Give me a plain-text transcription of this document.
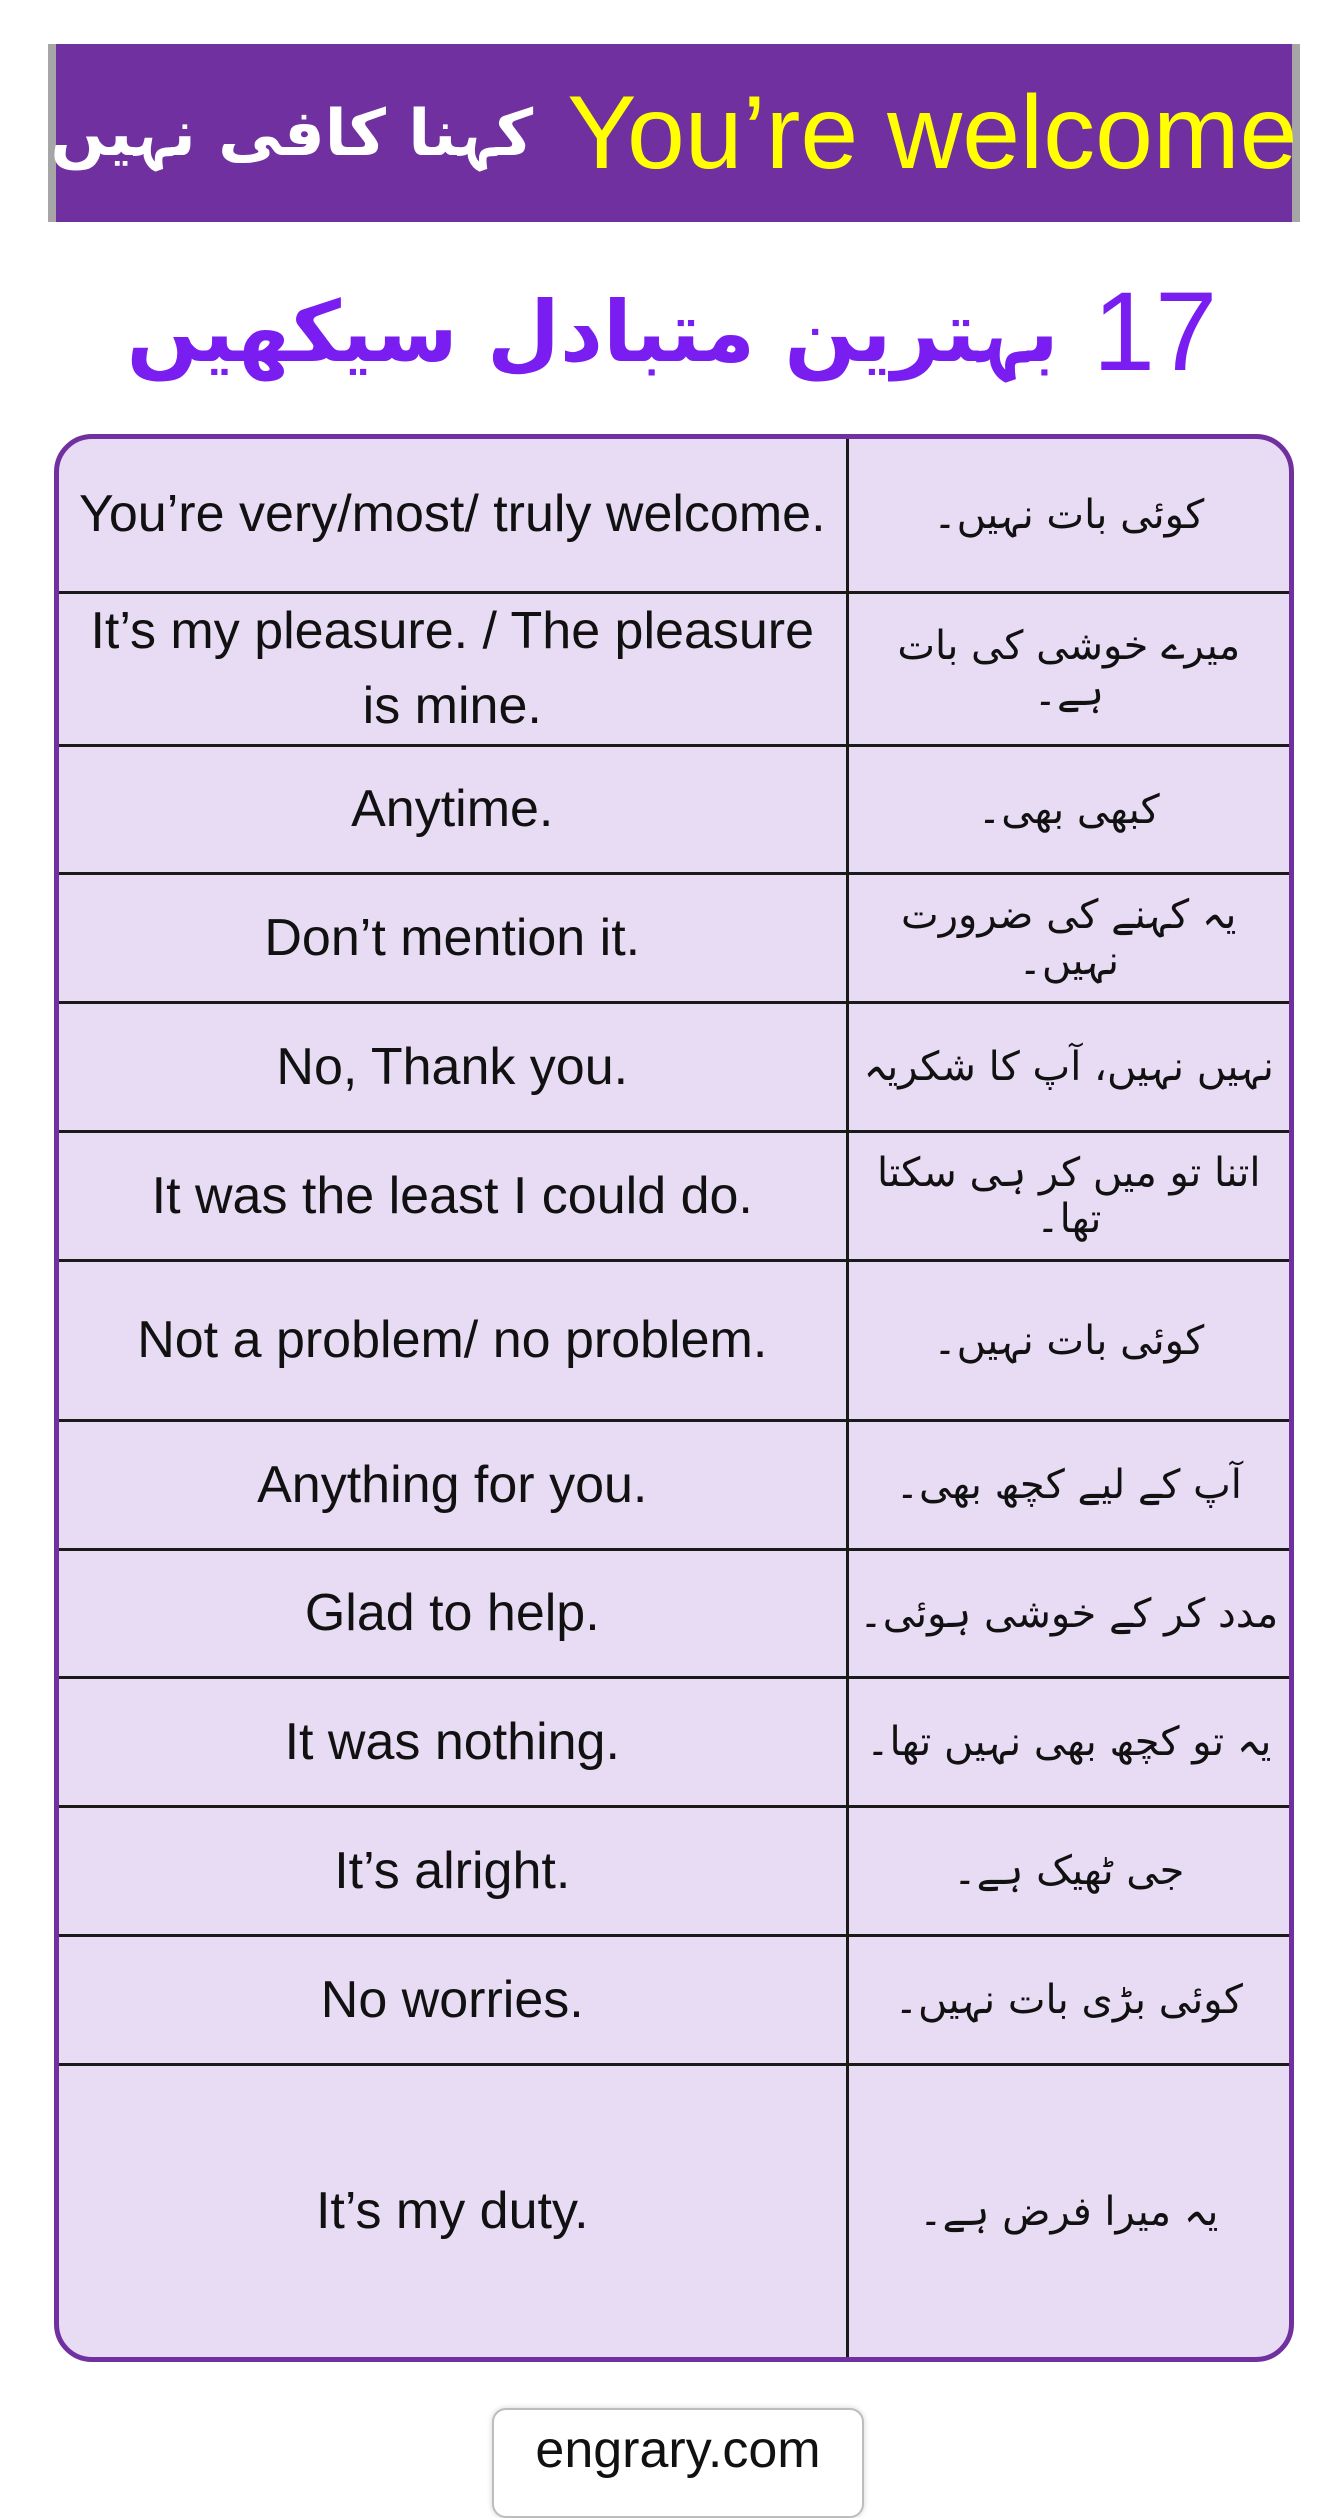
کہنا کافی نہیں You’re welcome
بہترین متبادل سیکھیں 17
You’re very/most/ truly welcome.	کوئی بات نہیں۔
It’s my pleasure. / The pleasure is mine.	میرے خوشی کی بات ہے۔
Anytime.	کبھی بھی۔
Don’t mention it.	یہ کہنے کی ضرورت نہیں۔
No, Thank you.	نہیں نہیں، آپ کا شکریہ
It was the least I could do.	اتنا تو میں کر ہی سکتا تھا۔
Not a problem/ no problem.	کوئی بات نہیں۔
Anything for you.	آپ کے لیے کچھ بھی۔
Glad to help.	مدد کر کے خوشی ہوئی۔
It was nothing.	یہ تو کچھ بھی نہیں تھا۔
It’s alright.	جی ٹھیک ہے۔
No worries.	کوئی بڑی بات نہیں۔
It’s my duty.	یہ میرا فرض ہے۔
engrary.com
